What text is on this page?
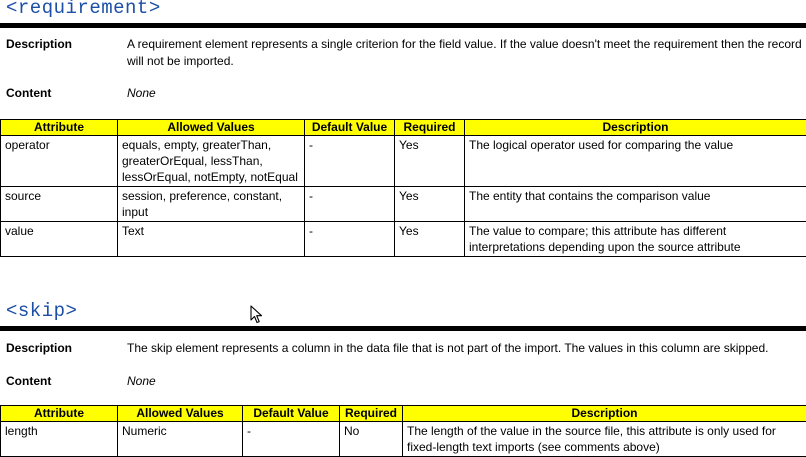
<requirement>
Description	A requirement element represents a single criterion for the field value. If the value doesn't meet the requirement then the record will not be imported.
Content	None
Attribute	Allowed Values	Default Value	Required	Description
operator	equals, empty, greaterThan, greaterOrEqual, lessThan, lessOrEqual, notEmpty, notEqual	-	Yes	The logical operator used for comparing the value
source	session, preference, constant, input	-	Yes	The entity that contains the comparison value
value	Text	-	Yes	The value to compare; this attribute has different interpretations depending upon the source attribute
<skip>
Description	The skip element represents a column in the data file that is not part of the import. The values in this column are skipped.
Content	None
Attribute	Allowed Values	Default Value	Required	Description
length	Numeric	-	No	The length of the value in the source file, this attribute is only used for fixed-length text imports (see comments above)
